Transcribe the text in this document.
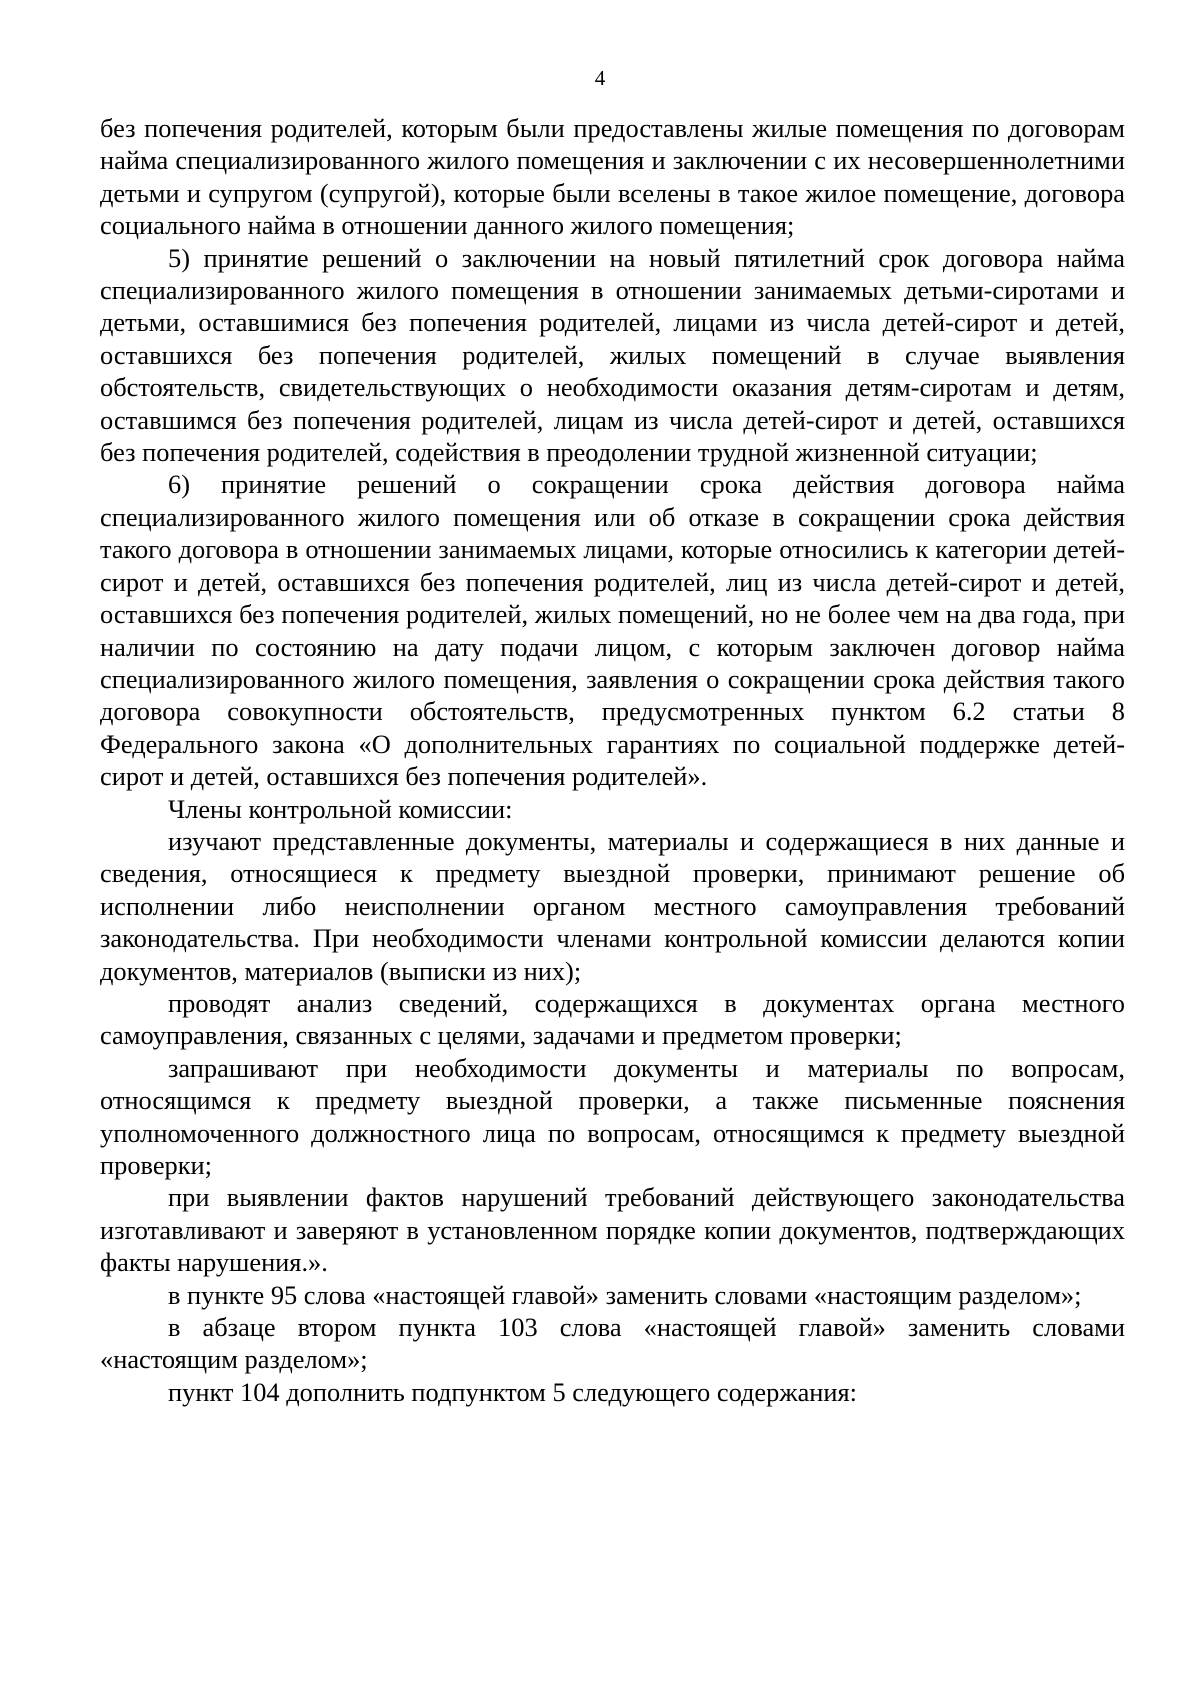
4

без попечения родителей, которым были предоставлены жилые помещения по договорам найма специализированного жилого помещения и заключении с их несовершеннолетними детьми и супругом (супругой), которые были вселены в такое жилое помещение, договора социального найма в отношении данного жилого помещения;

5) принятие решений о заключении на новый пятилетний срок договора найма специализированного жилого помещения в отношении занимаемых детьми-сиротами и детьми, оставшимися без попечения родителей, лицами из числа детей-сирот и детей, оставшихся без попечения родителей, жилых помещений в случае выявления обстоятельств, свидетельствующих о необходимости оказания детям-сиротам и детям, оставшимся без попечения родителей, лицам из числа детей-сирот и детей, оставшихся без попечения родителей, содействия в преодолении трудной жизненной ситуации;

6) принятие решений о сокращении срока действия договора найма специализированного жилого помещения или об отказе в сокращении срока действия такого договора в отношении занимаемых лицами, которые относились к категории детей-сирот и детей, оставшихся без попечения родителей, лиц из числа детей-сирот и детей, оставшихся без попечения родителей, жилых помещений, но не более чем на два года, при наличии по состоянию на дату подачи лицом, с которым заключен договор найма специализированного жилого помещения, заявления о сокращении срока действия такого договора совокупности обстоятельств, предусмотренных пунктом 6.2 статьи 8 Федерального закона «О дополнительных гарантиях по социальной поддержке детей-сирот и детей, оставшихся без попечения родителей».

Члены контрольной комиссии:

изучают представленные документы, материалы и содержащиеся в них данные и сведения, относящиеся к предмету выездной проверки, принимают решение об исполнении либо неисполнении органом местного самоуправления требований законодательства. При необходимости членами контрольной комиссии делаются копии документов, материалов (выписки из них);

проводят анализ сведений, содержащихся в документах органа местного самоуправления, связанных с целями, задачами и предметом проверки;

запрашивают при необходимости документы и материалы по вопросам, относящимся к предмету выездной проверки, а также письменные пояснения уполномоченного должностного лица по вопросам, относящимся к предмету выездной проверки;

при выявлении фактов нарушений требований действующего законодательства изготавливают и заверяют в установленном порядке копии документов, подтверждающих факты нарушения.».

в пункте 95 слова «настоящей главой» заменить словами «настоящим разделом»;

в абзаце втором пункта 103 слова «настоящей главой» заменить словами «настоящим разделом»;

пункт 104 дополнить подпунктом 5 следующего содержания:
